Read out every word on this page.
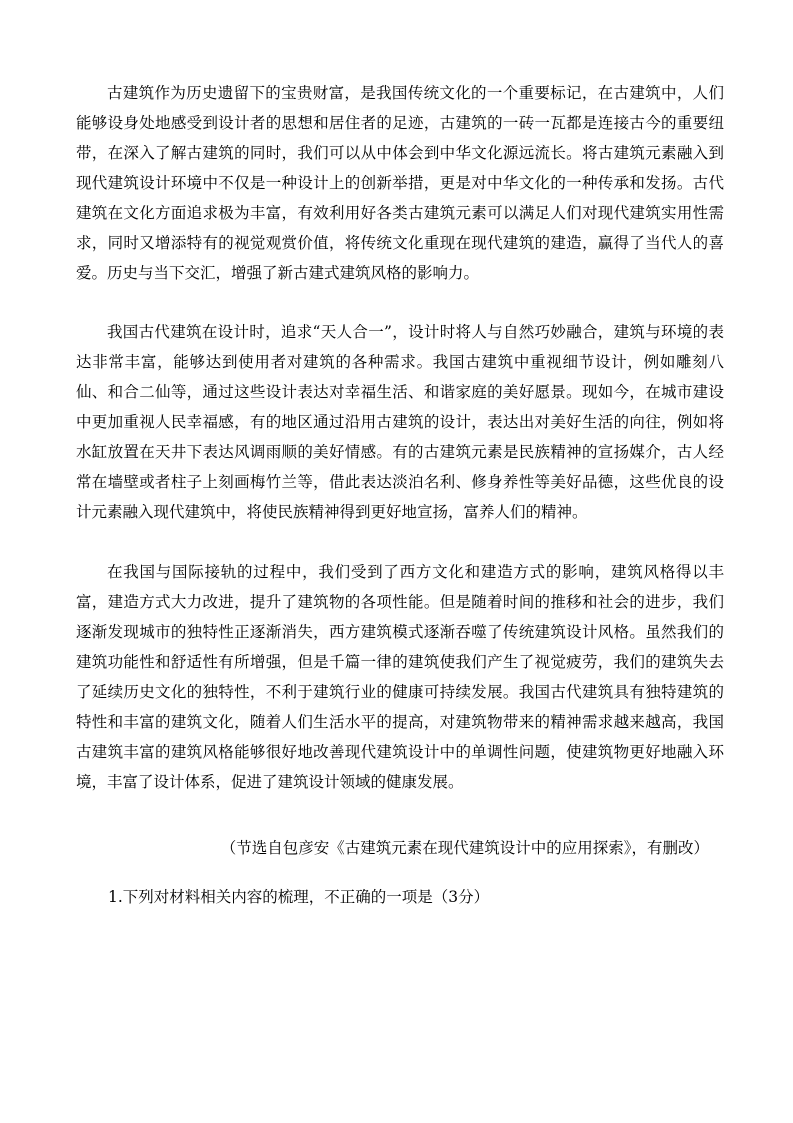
古建筑作为历史遗留下的宝贵财富，是我国传统文化的一个重要标记，在古建筑中，人们能够设身处地感受到设计者的思想和居住者的足迹，古建筑的一砖一瓦都是连接古今的重要纽带，在深入了解古建筑的同时，我们可以从中体会到中华文化源远流长。将古建筑元素融入到现代建筑设计环境中不仅是一种设计上的创新举措，更是对中华文化的一种传承和发扬。古代建筑在文化方面追求极为丰富，有效利用好各类古建筑元素可以满足人们对现代建筑实用性需求，同时又增添特有的视觉观赏价值，将传统文化重现在现代建筑的建造，赢得了当代人的喜爱。历史与当下交汇，增强了新古建式建筑风格的影响力。

我国古代建筑在设计时，追求“天人合一”，设计时将人与自然巧妙融合，建筑与环境的表达非常丰富，能够达到使用者对建筑的各种需求。我国古建筑中重视细节设计，例如雕刻八仙、和合二仙等，通过这些设计表达对幸福生活、和谐家庭的美好愿景。现如今，在城市建设中更加重视人民幸福感，有的地区通过沿用古建筑的设计，表达出对美好生活的向往，例如将水缸放置在天井下表达风调雨顺的美好情感。有的古建筑元素是民族精神的宣扬媒介，古人经常在墙壁或者柱子上刻画梅竹兰等，借此表达淡泊名利、修身养性等美好品德，这些优良的设计元素融入现代建筑中，将使民族精神得到更好地宣扬，富养人们的精神。

在我国与国际接轨的过程中，我们受到了西方文化和建造方式的影响，建筑风格得以丰富，建造方式大力改进，提升了建筑物的各项性能。但是随着时间的推移和社会的进步，我们逐渐发现城市的独特性正逐渐消失，西方建筑模式逐渐吞噬了传统建筑设计风格。虽然我们的建筑功能性和舒适性有所增强，但是千篇一律的建筑使我们产生了视觉疲劳，我们的建筑失去了延续历史文化的独特性，不利于建筑行业的健康可持续发展。我国古代建筑具有独特建筑的特性和丰富的建筑文化，随着人们生活水平的提高，对建筑物带来的精神需求越来越高，我国古建筑丰富的建筑风格能够很好地改善现代建筑设计中的单调性问题，使建筑物更好地融入环境，丰富了设计体系，促进了建筑设计领域的健康发展。

（节选自包彦安《古建筑元素在现代建筑设计中的应用探索》，有删改）

1.下列对材料相关内容的梳理，不正确的一项是（3分）
